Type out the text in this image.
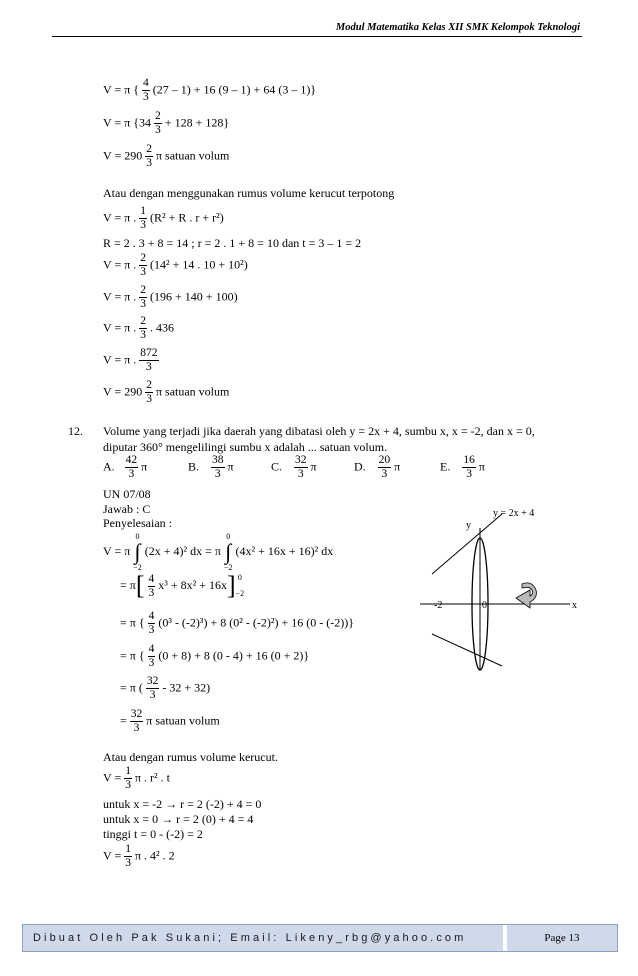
Modul Matematika Kelas XII SMK Kelompok Teknologi
V = π { $\frac{4}{3} (27 - 1) + 16$ (9 – 1) + 64 (3 – 1)}
V = π $\{34 \frac{2}{3} + 128 + 128\}$
$V = 290 \frac{2}{3}$ π satuan volum
Atau dengan menggunakan rumus volume kerucut terpotong
V = π . $\frac{1}{3} (R^2 + R$ . r + r²)
R = 2 . 3 + 8 = 14 ; r = 2 . 1 + 8 = 10 dan t = 3 – 1 = 2
V = π . $\frac{2}{3} (14^2 + 14$ . 10 + 10²)
V = π . $\frac{2}{3} (196 + 140 + 100)$
V = π . $\frac{2}{3}$ . 436
V = π . $\frac{872}{3}$
$V = 290 \frac{2}{3}$ π satuan volum
12. Volume yang terjadi jika daerah yang dibatasi oleh y = 2x + 4, sumbu x, x = -2, dan x = 0,
diputar 360° mengelilingi sumbu x adalah ... satuan volum.
A. $\frac{42}{3}$ π	B. $\frac{38}{3}$ π	C. $\frac{32}{3}$ π	D. $\frac{20}{3}$ π	E. $\frac{16}{3}$ π
UN 07/08
Jawab : C
Penyelesaian :
V = π
0
∫
−2
(2x + 4)² dx = π
0
∫
−2
(4x² + 16x + 16)² dx
= $\pi[ \frac{4}{3} x^3 + 8x^2 + 16x]$ 0
−2
= π { $\frac{4}{3} (0^3 - (-2)^3) + 8$ (0² - (-2)²) + 16 (0 - (-2))}
= π { $\frac{4}{3} (0 + 8) + 8$ (0 - 4) + 16 (0 + 2)}
= π ( $\frac{32}{3} - 32 + 32$)
= $\frac{32}{3}$ π satuan volum
y = 2x + 4
y
x
-2	0
Atau dengan rumus volume kerucut.
$V = \frac{1}{3}$ π . r² . t
untuk x = -2 → r = 2 (-2) + 4 = 0
untuk x = 0 → r = 2 (0) + 4 = 4
tinggi t = 0 - (-2) = 2
$V = \frac{1}{3}$ π . 4² . 2
Dibuat Oleh Pak Sukani; Email: Likeny_rbg@yahoo.com	Page 13
